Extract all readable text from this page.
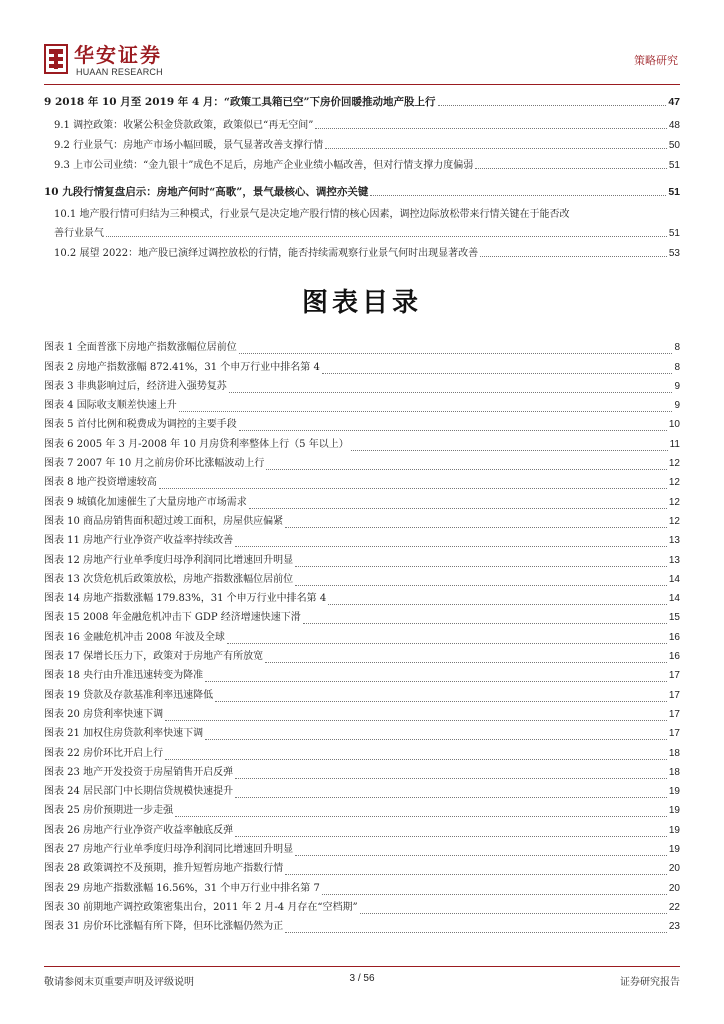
华安证券
HUAAN RESEARCH
策略研究
9 2018 年 10 月至 2019 年 4 月：“政策工具箱已空”下房价回暖推动地产股上行	47
9.1 调控政策：收紧公积金贷款政策，政策似已“再无空间”	48
9.2 行业景气：房地产市场小幅回暖，景气显著改善支撑行情	50
9.3 上市公司业绩：“金九银十”成色不足后，房地产企业业绩小幅改善，但对行情支撑力度偏弱	51
10 九段行情复盘启示：房地产何时“高歌”，景气最核心、调控亦关键	51
10.1 地产股行情可归结为三种模式，行业景气是决定地产股行情的核心因素，调控边际放松带来行情关键在于能否改
善行业景气	51
10.2 展望 2022：地产股已演绎过调控放松的行情，能否持续需观察行业景气何时出现显著改善	53
图表目录
图表 1 全面普涨下房地产指数涨幅位居前位	8
图表 2 房地产指数涨幅 872.41%，31 个申万行业中排名第 4	8
图表 3 非典影响过后，经济进入强势复苏	9
图表 4 国际收支顺差快速上升	9
图表 5 首付比例和税费成为调控的主要手段	10
图表 6 2005 年 3 月-2008 年 10 月房贷利率整体上行（5 年以上）	11
图表 7 2007 年 10 月之前房价环比涨幅波动上行	12
图表 8 地产投资增速较高	12
图表 9 城镇化加速催生了大量房地产市场需求	12
图表 10 商品房销售面积超过竣工面积，房屋供应偏紧	12
图表 11 房地产行业净资产收益率持续改善	13
图表 12 房地产行业单季度归母净利润同比增速回升明显	13
图表 13 次贷危机后政策放松，房地产指数涨幅位居前位	14
图表 14 房地产指数涨幅 179.83%，31 个申万行业中排名第 4	14
图表 15 2008 年金融危机冲击下 GDP 经济增速快速下滑	15
图表 16 金融危机冲击 2008 年波及全球	16
图表 17 保增长压力下，政策对于房地产有所放宽	16
图表 18 央行由升准迅速转变为降准	17
图表 19 贷款及存款基准利率迅速降低	17
图表 20 房贷利率快速下调	17
图表 21 加权住房贷款利率快速下调	17
图表 22 房价环比开启上行	18
图表 23 地产开发投资于房屋销售开启反弹	18
图表 24 居民部门中长期信贷规模快速提升	19
图表 25 房价预期进一步走强	19
图表 26 房地产行业净资产收益率触底反弹	19
图表 27 房地产行业单季度归母净利润同比增速回升明显	19
图表 28 政策调控不及预期，推升短暂房地产指数行情	20
图表 29 房地产指数涨幅 16.56%，31 个申万行业中排名第 7	20
图表 30 前期地产调控政策密集出台，2011 年 2 月-4 月存在“空档期”	22
图表 31 房价环比涨幅有所下降，但环比涨幅仍然为正	23
敬请参阅末页重要声明及评级说明	3 / 56	证券研究报告
